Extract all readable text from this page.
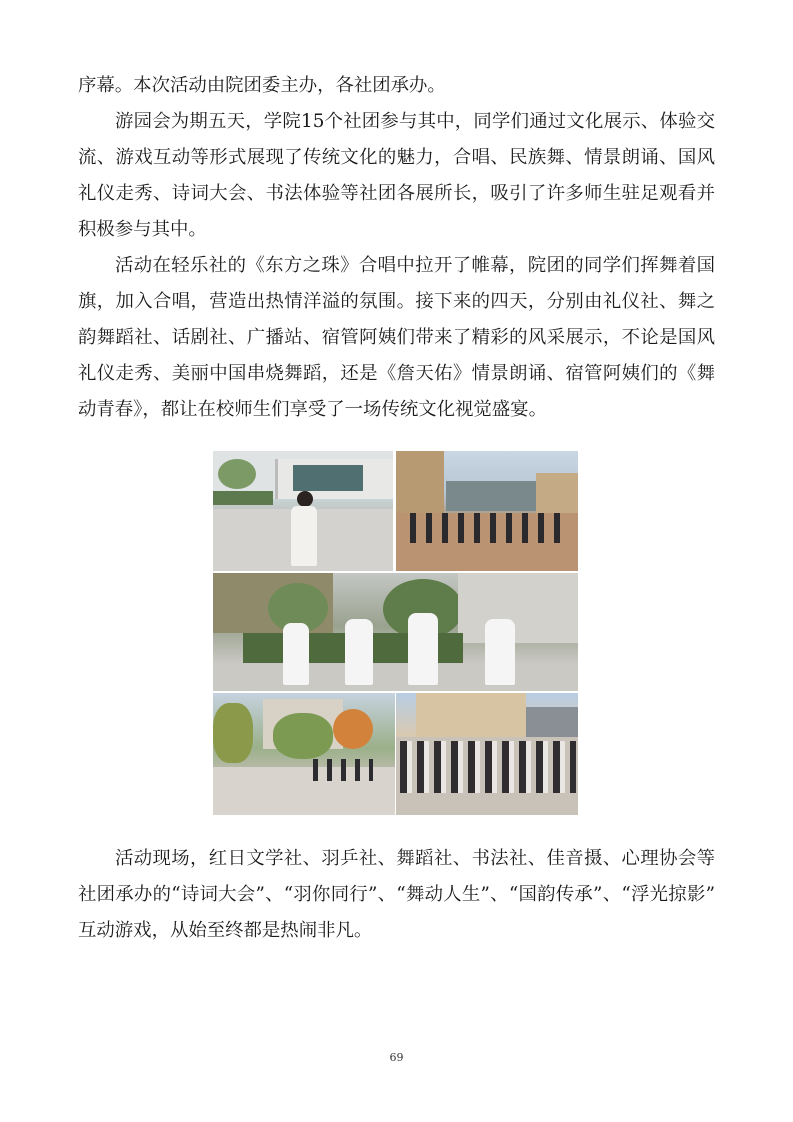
序幕。本次活动由院团委主办，各社团承办。
游园会为期五天，学院15个社团参与其中，同学们通过文化展示、体验交
流、游戏互动等形式展现了传统文化的魅力，合唱、民族舞、情景朗诵、国风
礼仪走秀、诗词大会、书法体验等社团各展所长，吸引了许多师生驻足观看并
积极参与其中。
活动在轻乐社的《东方之珠》合唱中拉开了帷幕，院团的同学们挥舞着国
旗，加入合唱，营造出热情洋溢的氛围。接下来的四天，分别由礼仪社、舞之
韵舞蹈社、话剧社、广播站、宿管阿姨们带来了精彩的风采展示，不论是国风
礼仪走秀、美丽中国串烧舞蹈，还是《詹天佑》情景朗诵、宿管阿姨们的《舞
动青春》，都让在校师生们享受了一场传统文化视觉盛宴。
活动现场，红日文学社、羽乒社、舞蹈社、书法社、佳音摄、心理协会等
社团承办的“诗词大会”、“羽你同行”、“舞动人生”、“国韵传承”、“浮光掠影”
互动游戏，从始至终都是热闹非凡。
69
